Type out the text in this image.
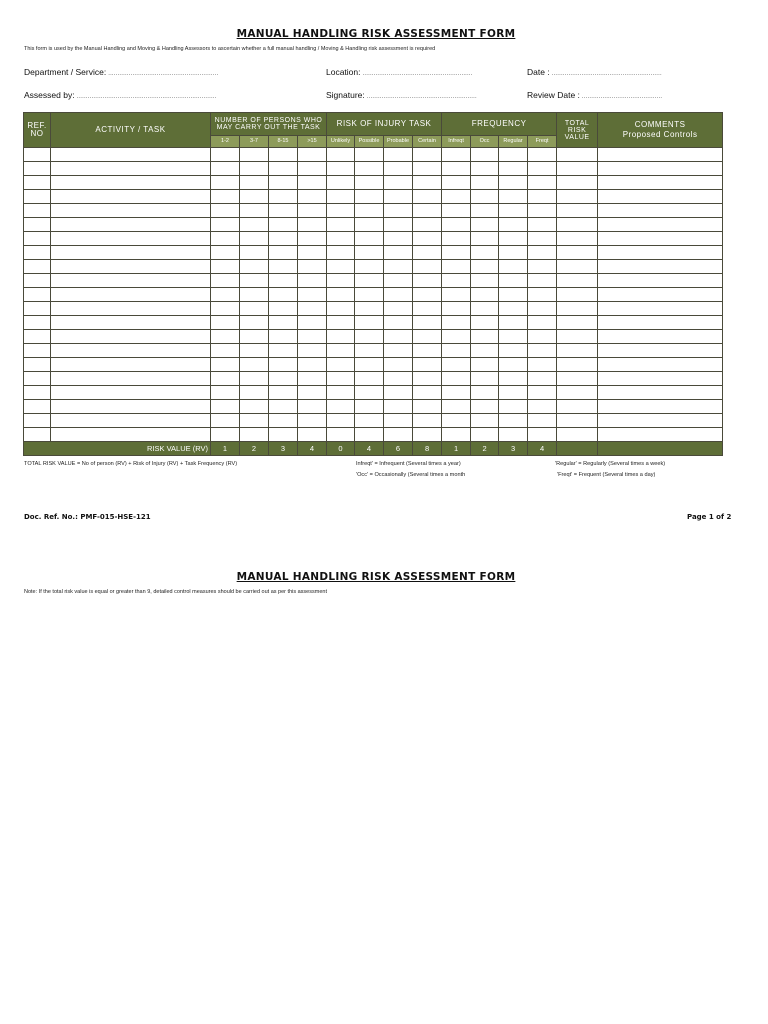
MANUAL HANDLING RISK ASSESSMENT FORM
This form is used by the Manual Handling and Moving & Handling Assessors to ascertain whether a full manual handling / Moving & Handling risk assessment is required
Department / Service: ...........................................................	Location: ...........................................................	Date : ...........................................................
Assessed by: ...........................................................................	Signature: ...........................................................	Review Date : ...........................................
REF. NO	ACTIVITY / TASK	NUMBER OF PERSONS WHO MAY CARRY OUT THE TASK				RISK OF INJURY TASK				FREQUENCY				TOTAL RISK VALUE	COMMENTS
Proposed Controls

		1-2	3-7	8-15	>15	Unlikely	Possible	Probable	Certain	Infreqt	Occ	Regular	Freqt		

RISK VALUE (RV)		1	2	3	4	0	4	6	8	1	2	3	4		
TOTAL RISK VALUE = No of person (RV) + Risk of Injury (RV) + Task Frequency (RV)	Infreqt' = Infrequent (Several times a year)
'Occ' = Occasionally (Several times a month
'Regular' = Regularly (Several times a week)
'Freqt' = Frequent (Several times a day)
Doc. Ref. No.: PMF-015-HSE-121	Page 1 of 2
MANUAL HANDLING RISK ASSESSMENT FORM
Note: If the total risk value is equal or greater than 9, detailed control measures should be carried out as per this assessment
